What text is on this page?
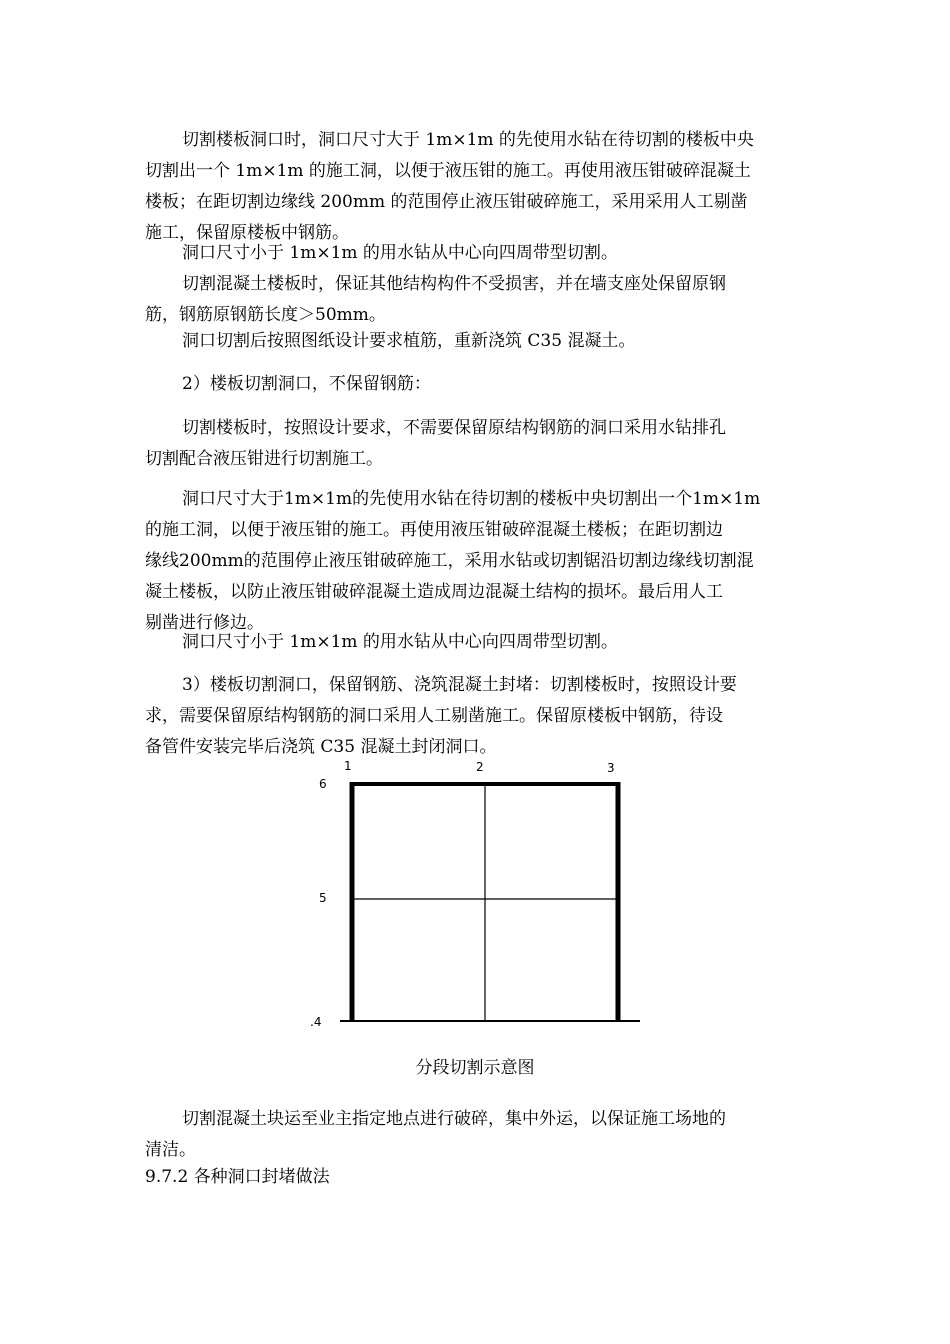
切割楼板洞口时，洞口尺寸大于 1m×1m 的先使用水钻在待切割的楼板中央
切割出一个 1m×1m 的施工洞，以便于液压钳的施工。再使用液压钳破碎混凝土
楼板；在距切割边缘线 200mm 的范围停止液压钳破碎施工，采用采用人工剔凿
施工，保留原楼板中钢筋。
洞口尺寸小于 1m×1m 的用水钻从中心向四周带型切割。
切割混凝土楼板时，保证其他结构构件不受损害，并在墙支座处保留原钢
筋，钢筋原钢筋长度＞50mm。
洞口切割后按照图纸设计要求植筋，重新浇筑 C35 混凝土。
2）楼板切割洞口，不保留钢筋：
切割楼板时，按照设计要求，不需要保留原结构钢筋的洞口采用水钻排孔
切割配合液压钳进行切割施工。
洞口尺寸大于1m×1m的先使用水钻在待切割的楼板中央切割出一个1m×1m
的施工洞，以便于液压钳的施工。再使用液压钳破碎混凝土楼板；在距切割边
缘线200mm的范围停止液压钳破碎施工，采用水钻或切割锯沿切割边缘线切割混
凝土楼板，以防止液压钳破碎混凝土造成周边混凝土结构的损坏。最后用人工
剔凿进行修边。
洞口尺寸小于 1m×1m 的用水钻从中心向四周带型切割。
3）楼板切割洞口，保留钢筋、浇筑混凝土封堵：切割楼板时，按照设计要
求，需要保留原结构钢筋的洞口采用人工剔凿施工。保留原楼板中钢筋，待设
备管件安装完毕后浇筑 C35 混凝土封闭洞口。
1	2	3
6
5
.4
分段切割示意图
切割混凝土块运至业主指定地点进行破碎，集中外运，以保证施工场地的
清洁。
9.7.2 各种洞口封堵做法
